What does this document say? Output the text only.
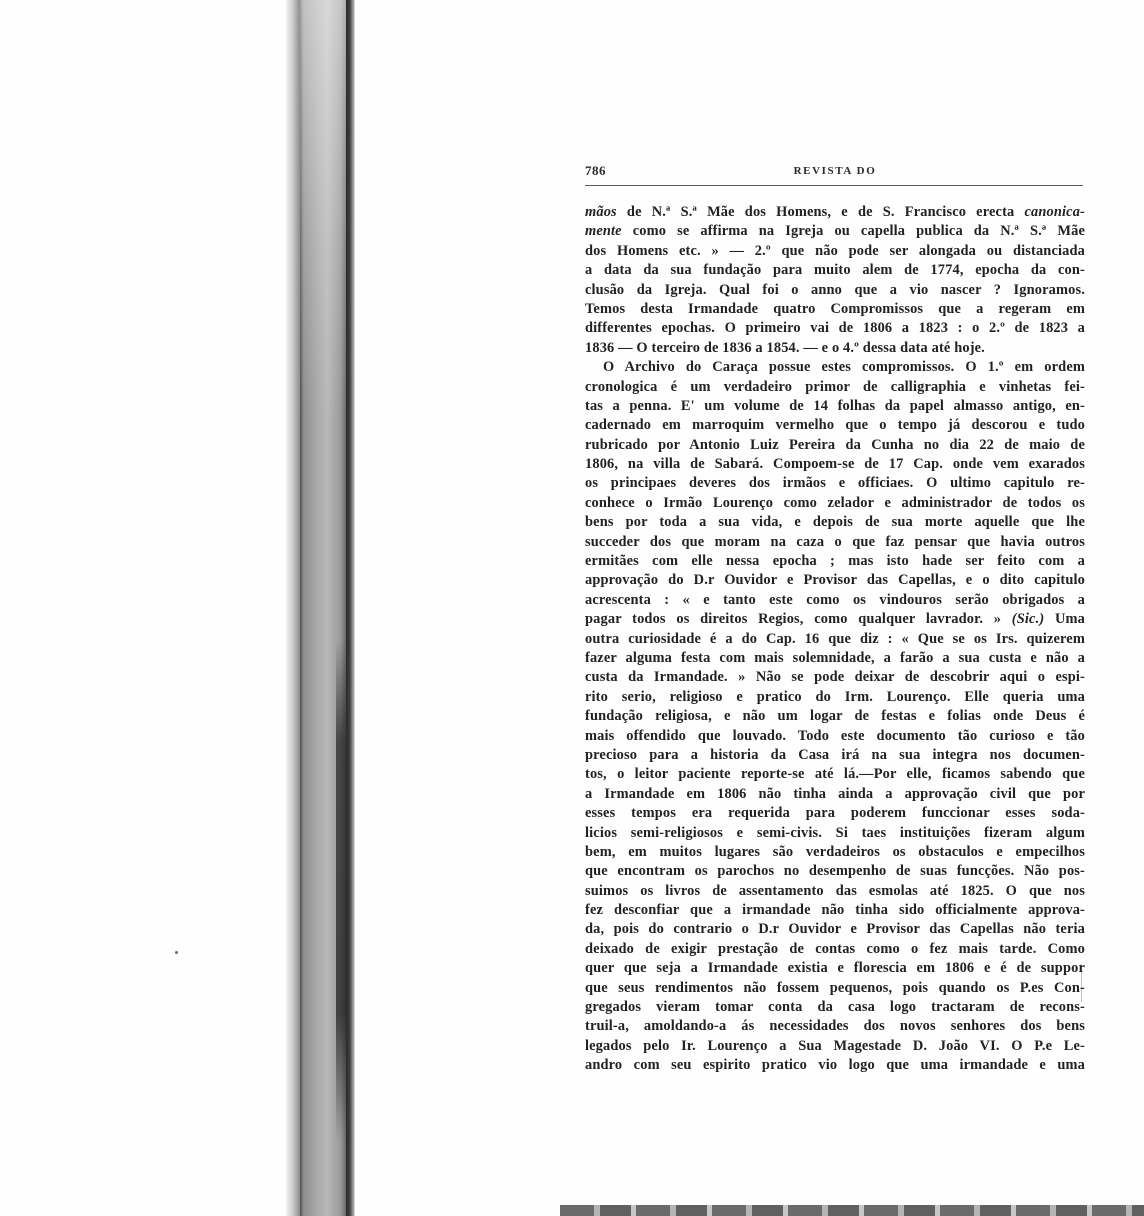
786	REVISTA DO
mãos de N.ª S.ª Mãe dos Homens, e de S. Francisco erecta canonica-
mente como se affirma na Igreja ou capella publica da N.ª S.ª Mãe
dos Homens etc. » — 2.º que não pode ser alongada ou distanciada
a data da sua fundação para muito alem de 1774, epocha da con-
clusão da Igreja. Qual foi o anno que a vio nascer ? Ignoramos.
Temos desta Irmandade quatro Compromissos que a regeram em
differentes epochas. O primeiro vai de 1806 a 1823 : o 2.º de 1823 a
1836 — O terceiro de 1836 a 1854. — e o 4.º dessa data até hoje.
O Archivo do Caraça possue estes compromissos. O 1.º em ordem
cronologica é um verdadeiro primor de calligraphia e vinhetas fei-
tas a penna. E' um volume de 14 folhas da papel almasso antigo, en-
cadernado em marroquim vermelho que o tempo já descorou e tudo
rubricado por Antonio Luiz Pereira da Cunha no dia 22 de maio de
1806, na villa de Sabará. Compoem-se de 17 Cap. onde vem exarados
os principaes deveres dos irmãos e officiaes. O ultimo capitulo re-
conhece o Irmão Lourenço como zelador e administrador de todos os
bens por toda a sua vida, e depois de sua morte aquelle que lhe
succeder dos que moram na caza o que faz pensar que havia outros
ermitães com elle nessa epocha ; mas isto hade ser feito com a
approvação do D.r Ouvidor e Provisor das Capellas, e o dito capitulo
acrescenta : « e tanto este como os vindouros serão obrigados a
pagar todos os direitos Regios, como qualquer lavrador. » (Sic.) Uma
outra curiosidade é a do Cap. 16 que diz : « Que se os Irs. quizerem
fazer alguma festa com mais solemnidade, a farão a sua custa e não a
custa da Irmandade. » Não se pode deixar de descobrir aqui o espi-
rito serio, religioso e pratico do Irm. Lourenço. Elle queria uma
fundação religiosa, e não um logar de festas e folias onde Deus é
mais offendido que louvado. Todo este documento tão curioso e tão
precioso para a historia da Casa irá na sua integra nos documen-
tos, o leitor paciente reporte-se até lá.—Por elle, ficamos sabendo que
a Irmandade em 1806 não tinha ainda a approvação civil que por
esses tempos era requerida para poderem funccionar esses soda-
licios semi-religiosos e semi-civis. Si taes instituições fizeram algum
bem, em muitos lugares são verdadeiros os obstaculos e empecilhos
que encontram os parochos no desempenho de suas funcções. Não pos-
suimos os livros de assentamento das esmolas até 1825. O que nos
fez desconfiar que a irmandade não tinha sido officialmente approva-
da, pois do contrario o D.r Ouvidor e Provisor das Capellas não teria
deixado de exigir prestação de contas como o fez mais tarde. Como
quer que seja a Irmandade existia e florescia em 1806 e é de suppor
que seus rendimentos não fossem pequenos, pois quando os P.es Con-
gregados vieram tomar conta da casa logo tractaram de recons-
truil-a, amoldando-a ás necessidades dos novos senhores dos bens
legados pelo Ir. Lourenço a Sua Magestade D. João VI. O P.e Le-
andro com seu espirito pratico vio logo que uma irmandade e uma
